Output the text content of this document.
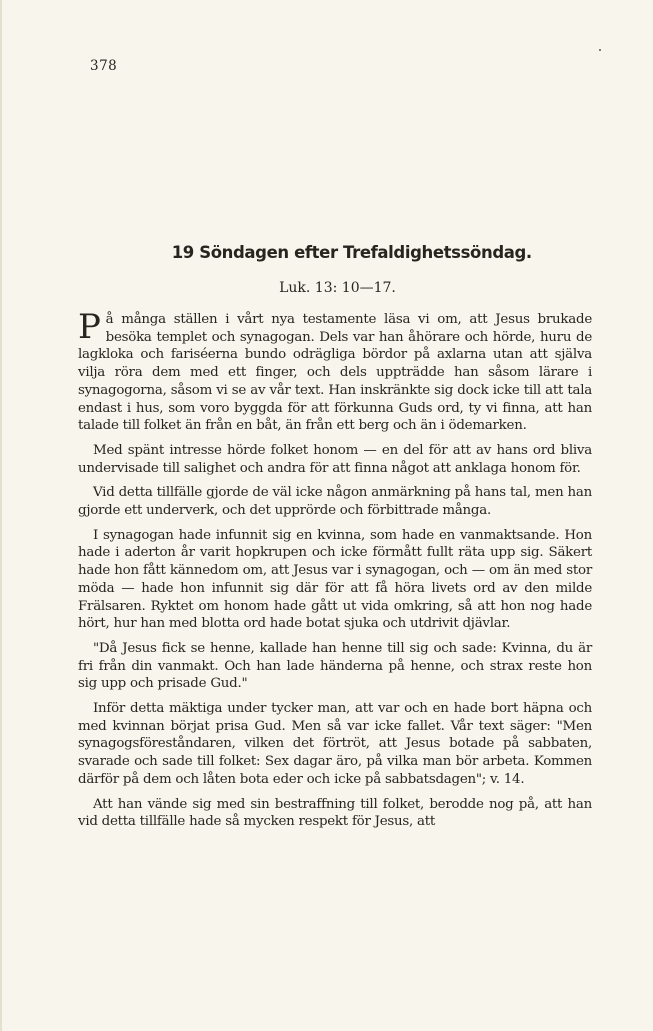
378
19 Söndagen efter Trefaldighetssöndag.
Luk. 13: 10—17.

På många ställen i vårt nya testamente läsa vi om, att Jesus brukade besöka templet och synagogan. Dels var han åhörare och hörde, huru de lagkloka och fariséerna bundo odrägliga bördor på axlarna utan att själva vilja röra dem med ett finger, och dels uppträdde han såsom lärare i synagogorna, såsom vi se av vår text. Han inskränkte sig dock icke till att tala endast i hus, som voro byggda för att förkunna Guds ord, ty vi finna, att han talade till folket än från en båt, än från ett berg och än i ödemarken.

Med spänt intresse hörde folket honom — en del för att av hans ord bliva undervisade till salighet och andra för att finna något att anklaga honom för.

Vid detta tillfälle gjorde de väl icke någon anmärkning på hans tal, men han gjorde ett underverk, och det upprörde och förbittrade många.

I synagogan hade infunnit sig en kvinna, som hade en vanmaktsande. Hon hade i aderton år varit hopkrupen och icke förmått fullt räta upp sig. Säkert hade hon fått kännedom om, att Jesus var i synagogan, och — om än med stor möda — hade hon infunnit sig där för att få höra livets ord av den milde Frälsaren. Ryktet om honom hade gått ut vida omkring, så att hon nog hade hört, hur han med blotta ord hade botat sjuka och utdrivit djävlar.

"Då Jesus fick se henne, kallade han henne till sig och sade: Kvinna, du är fri från din vanmakt. Och han lade händerna på henne, och strax reste hon sig upp och prisade Gud."

Inför detta mäktiga under tycker man, att var och en hade bort häpna och med kvinnan börjat prisa Gud. Men så var icke fallet. Vår text säger: "Men synagogsföreståndaren, vilken det förtröt, att Jesus botade på sabbaten, svarade och sade till folket: Sex dagar äro, på vilka man bör arbeta. Kommen därför på dem och låten bota eder och icke på sabbatsdagen"; v. 14.

Att han vände sig med sin bestraffning till folket, berodde nog på, att han vid detta tillfälle hade så mycken respekt för Jesus, att
